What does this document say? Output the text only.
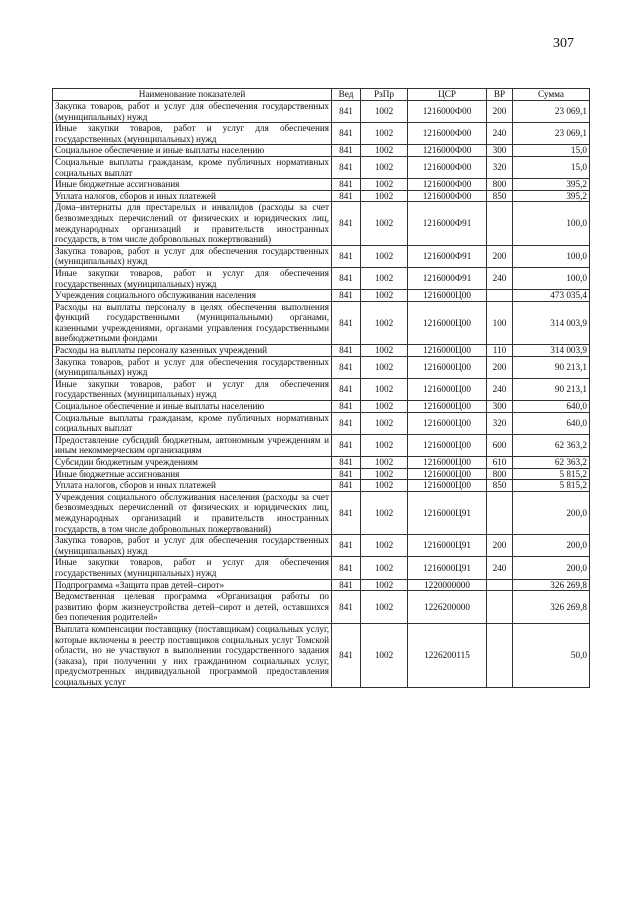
307
Наименование показателей	Вед	РзПр	ЦСР	ВР	Сумма
Закупка товаров, работ и услуг для обеспечения государственных (муниципальных) нужд	841	1002	1216000Ф00	200	23 069,1
Иные закупки товаров, работ и услуг для обеспечения государственных (муниципальных) нужд	841	1002	1216000Ф00	240	23 069,1
Социальное обеспечение и иные выплаты населению	841	1002	1216000Ф00	300	15,0
Социальные выплаты гражданам, кроме публичных нормативных социальных выплат	841	1002	1216000Ф00	320	15,0
Иные бюджетные ассигнования	841	1002	1216000Ф00	800	395,2
Уплата налогов, сборов и иных платежей	841	1002	1216000Ф00	850	395,2
Дома–интернаты для престарелых и инвалидов (расходы за счет безвозмездных перечислений от физических и юридических лиц, международных организаций и правительств иностранных государств, в том числе добровольных пожертвований)	841	1002	1216000Ф91		100,0
Закупка товаров, работ и услуг для обеспечения государственных (муниципальных) нужд	841	1002	1216000Ф91	200	100,0
Иные закупки товаров, работ и услуг для обеспечения государственных (муниципальных) нужд	841	1002	1216000Ф91	240	100,0
Учреждения социального обслуживания населения	841	1002	1216000Ц00		473 035,4
Расходы на выплаты персоналу в целях обеспечения выполнения функций государственными (муниципальными) органами, казенными учреждениями, органами управления государственными внебюджетными фондами	841	1002	1216000Ц00	100	314 003,9
Расходы на выплаты персоналу казенных учреждений	841	1002	1216000Ц00	110	314 003,9
Закупка товаров, работ и услуг для обеспечения государственных (муниципальных) нужд	841	1002	1216000Ц00	200	90 213,1
Иные закупки товаров, работ и услуг для обеспечения государственных (муниципальных) нужд	841	1002	1216000Ц00	240	90 213,1
Социальное обеспечение и иные выплаты населению	841	1002	1216000Ц00	300	640,0
Социальные выплаты гражданам, кроме публичных нормативных социальных выплат	841	1002	1216000Ц00	320	640,0
Предоставление субсидий бюджетным, автономным учреждениям и иным некоммерческим организациям	841	1002	1216000Ц00	600	62 363,2
Субсидии бюджетным учреждениям	841	1002	1216000Ц00	610	62 363,2
Иные бюджетные ассигнования	841	1002	1216000Ц00	800	5 815,2
Уплата налогов, сборов и иных платежей	841	1002	1216000Ц00	850	5 815,2
Учреждения социального обслуживания населения (расходы за счет безвозмездных перечислений от физических и юридических лиц, международных организаций и правительств иностранных государств, в том числе добровольных пожертвований)	841	1002	1216000Ц91		200,0
Закупка товаров, работ и услуг для обеспечения государственных (муниципальных) нужд	841	1002	1216000Ц91	200	200,0
Иные закупки товаров, работ и услуг для обеспечения государственных (муниципальных) нужд	841	1002	1216000Ц91	240	200,0
Подпрограмма «Защита прав детей–сирот»	841	1002	1220000000		326 269,8
Ведомственная целевая программа «Организация работы по развитию форм жизнеустройства детей–сирот и детей, оставшихся без попечения родителей»	841	1002	1226200000		326 269,8
Выплата компенсации поставщику (поставщикам) социальных услуг, которые включены в реестр поставщиков социальных услуг Томской области, но не участвуют в выполнении государственного задания (заказа), при получении у них гражданином социальных услуг, предусмотренных индивидуальной программой предоставления социальных услуг	841	1002	1226200115		50,0
